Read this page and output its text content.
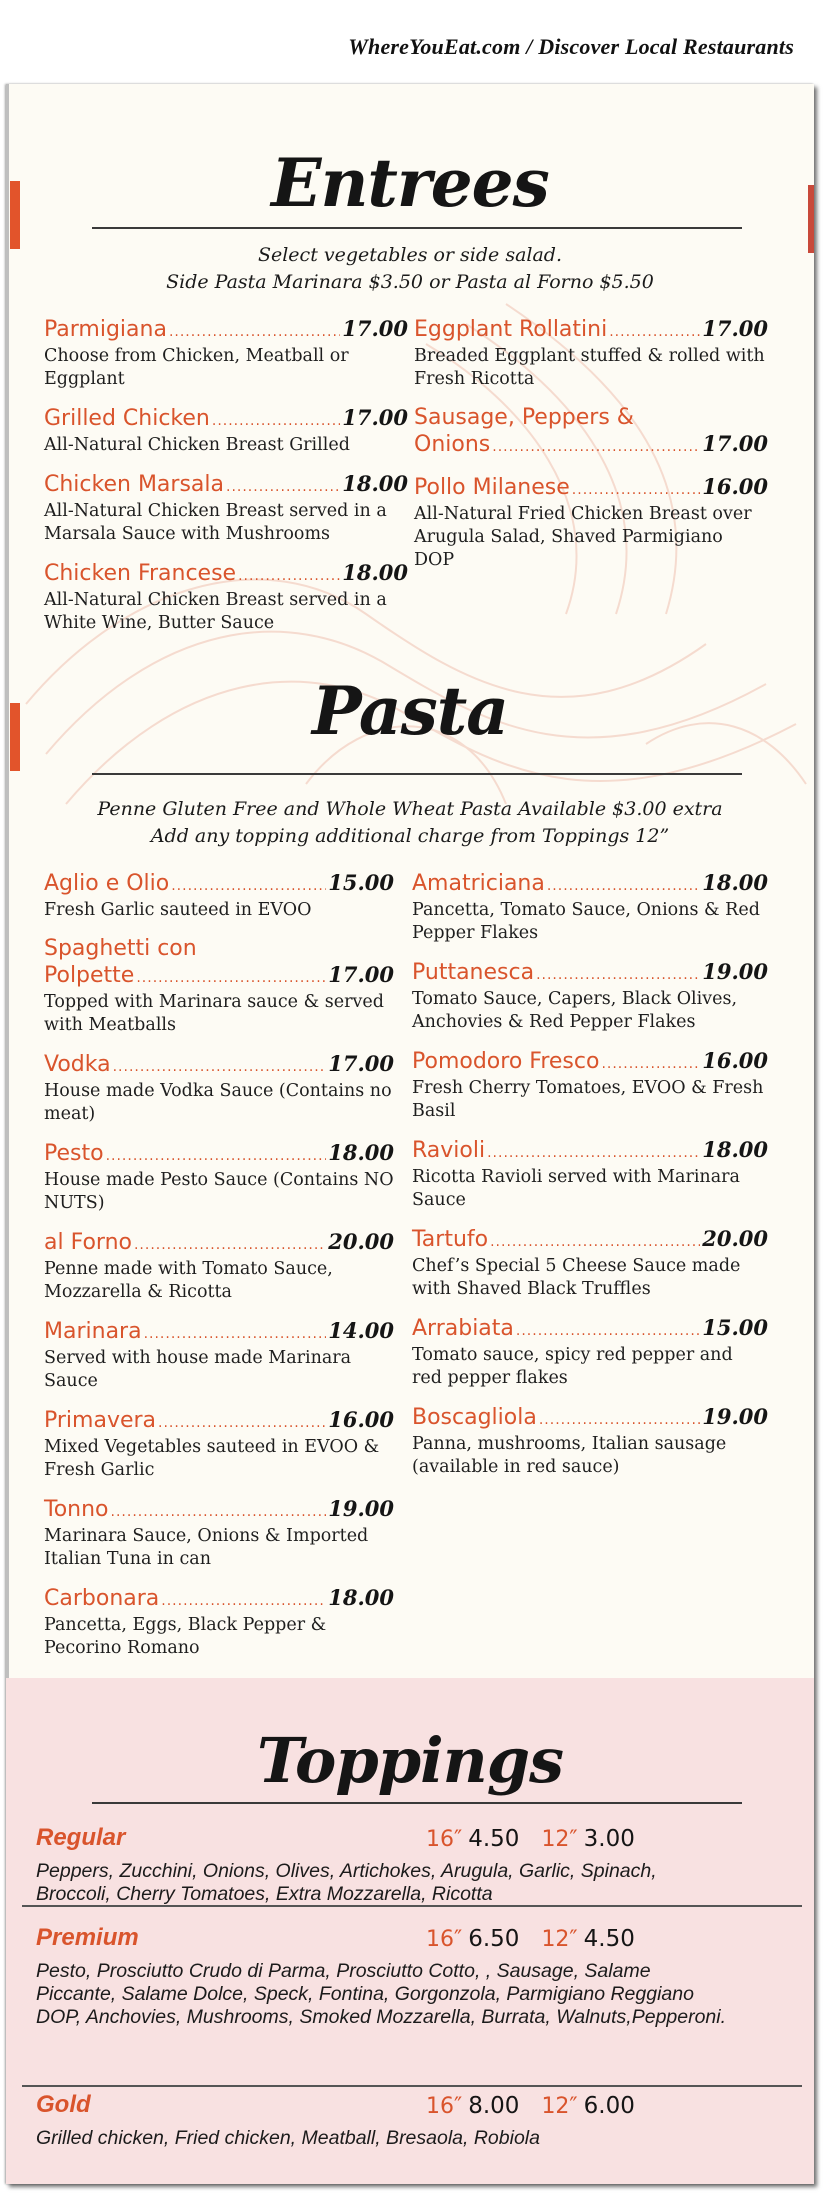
WhereYouEat.com / Discover Local Restaurants
Entrees
Select vegetables or side salad.
Side Pasta Marinara $3.50 or Pasta al Forno $5.50
Parmigiana .....	17.00
Choose from Chicken, Meatball or Eggplant
Grilled Chicken .....	17.00
All-Natural Chicken Breast Grilled
Chicken Marsala .....	18.00
All-Natural Chicken Breast served in a Marsala Sauce with Mushrooms
Chicken Francese .....	18.00
All-Natural Chicken Breast served in a White Wine, Butter Sauce
Eggplant Rollatini .....	17.00
Breaded Eggplant stuffed & rolled with Fresh Ricotta
Sausage, Peppers &
Onions .....	17.00
Pollo Milanese .....	16.00
All-Natural Fried Chicken Breast over Arugula Salad, Shaved Parmigiano DOP
Pasta
Penne Gluten Free and Whole Wheat Pasta Available $3.00 extra
Add any topping additional charge from Toppings 12”
Aglio e Olio .....	15.00
Fresh Garlic sauteed in EVOO
Spaghetti con
Polpette .....	17.00
Topped with Marinara sauce & served with Meatballs
Vodka .....	17.00
House made Vodka Sauce (Contains no meat)
Pesto .....	18.00
House made Pesto Sauce (Contains NO NUTS)
al Forno .....	20.00
Penne made with Tomato Sauce, Mozzarella & Ricotta
Marinara .....	14.00
Served with house made Marinara Sauce
Primavera .....	16.00
Mixed Vegetables sauteed in EVOO & Fresh Garlic
Tonno .....	19.00
Marinara Sauce, Onions & Imported Italian Tuna in can
Carbonara .....	18.00
Pancetta, Eggs, Black Pepper & Pecorino Romano
Amatriciana .....	18.00
Pancetta, Tomato Sauce, Onions & Red Pepper Flakes
Puttanesca .....	19.00
Tomato Sauce, Capers, Black Olives, Anchovies & Red Pepper Flakes
Pomodoro Fresco .....	16.00
Fresh Cherry Tomatoes, EVOO & Fresh Basil
Ravioli .....	18.00
Ricotta Ravioli served with Marinara Sauce
Tartufo .....	20.00
Chef’s Special 5 Cheese Sauce made with Shaved Black Truffles
Arrabiata .....	15.00
Tomato sauce, spicy red pepper and red pepper flakes
Boscagliola .....	19.00
Panna, mushrooms, Italian sausage (available in red sauce)
Toppings
Regular	16″ 4.50 12″ 3.00
Peppers, Zucchini, Onions, Olives, Artichokes, Arugula, Garlic, Spinach, Broccoli, Cherry Tomatoes, Extra Mozzarella, Ricotta
Premium	16″ 6.50 12″ 4.50
Pesto, Prosciutto Crudo di Parma, Prosciutto Cotto, , Sausage, Salame Piccante, Salame Dolce, Speck, Fontina, Gorgonzola, Parmigiano Reggiano DOP, Anchovies, Mushrooms, Smoked Mozzarella, Burrata, Walnuts,Pepperoni.
Gold	16″ 8.00 12″ 6.00
Grilled chicken, Fried chicken, Meatball, Bresaola, Robiola
